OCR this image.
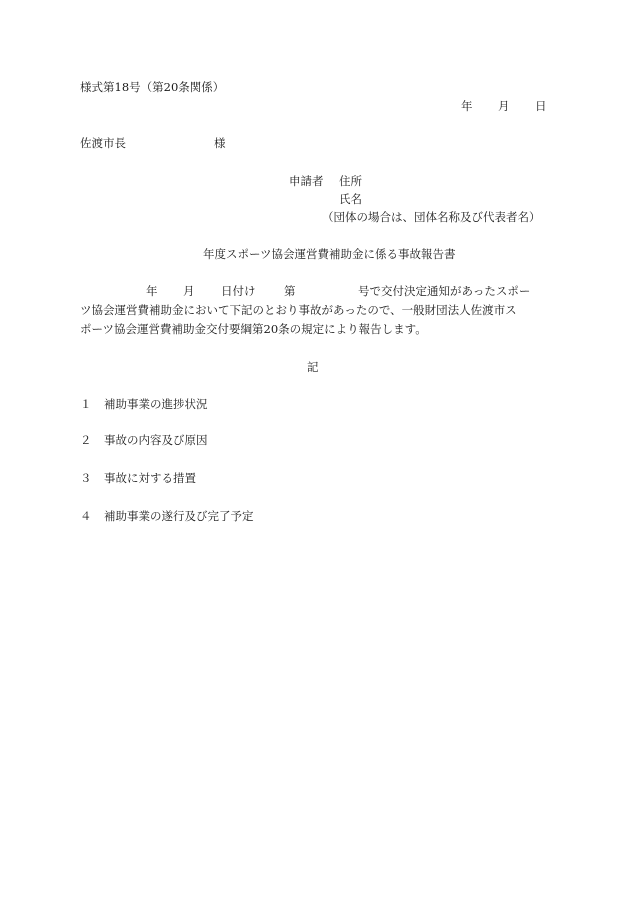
様式第18号（第20条関係）
年 月 日
佐渡市長	様
申請者 住所
氏名
（団体の場合は、団体名称及び代表者名）
年度スポーツ協会運営費補助金に係る事故報告書
年 月 日付け 第	号で交付決定通知があったスポー
ツ協会運営費補助金において下記のとおり事故があったので、一般財団法人佐渡市ス
ポーツ協会運営費補助金交付要綱第20条の規定により報告します。
記
１ 補助事業の進捗状況
２ 事故の内容及び原因
３ 事故に対する措置
４ 補助事業の遂行及び完了予定
